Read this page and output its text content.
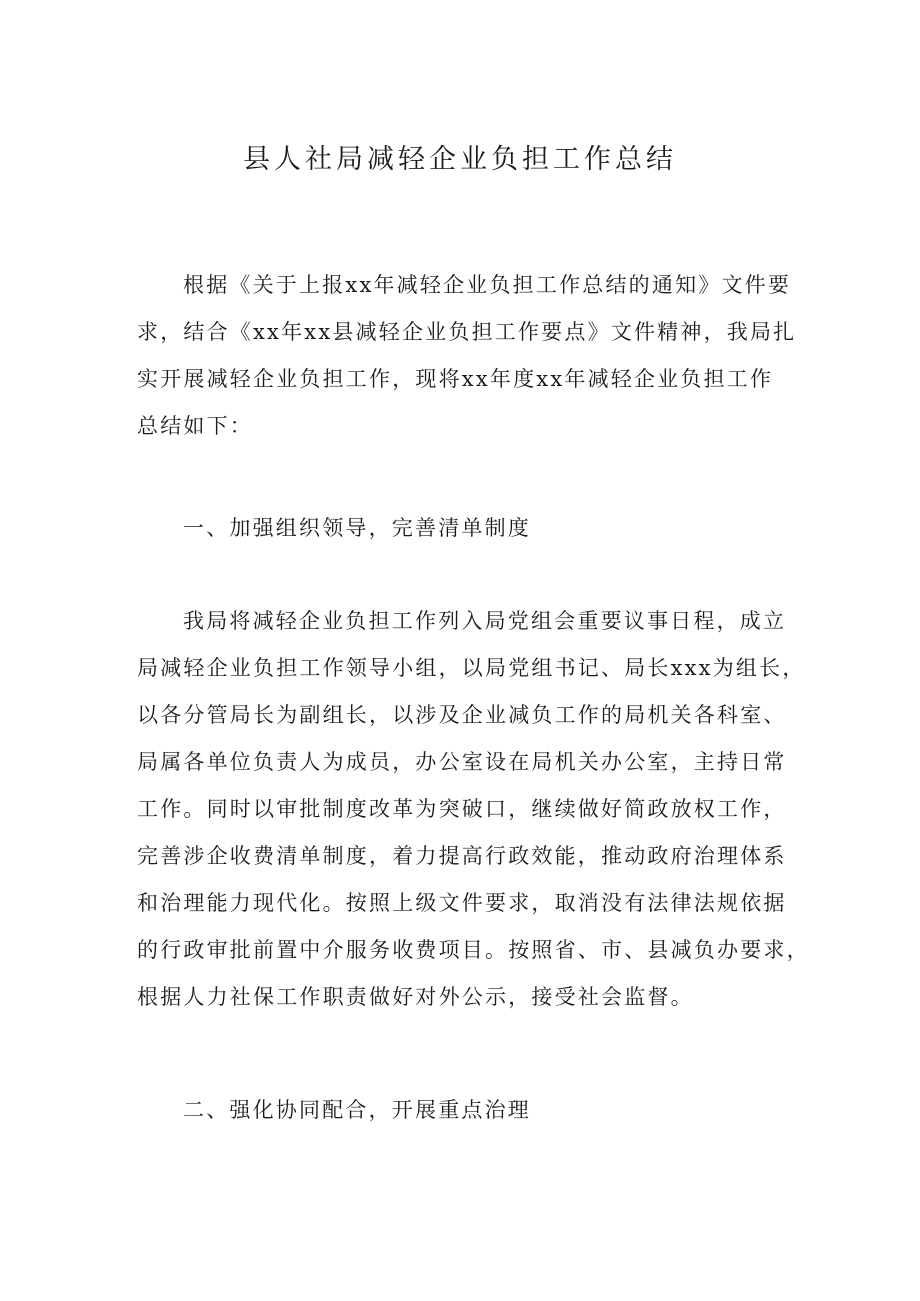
县人社局减轻企业负担工作总结
根据《关于上报xx年减轻企业负担工作总结的通知》文件要
求，结合《xx年xx县减轻企业负担工作要点》文件精神，我局扎
实开展减轻企业负担工作，现将xx年度xx年减轻企业负担工作
总结如下：

一、加强组织领导，完善清单制度

我局将减轻企业负担工作列入局党组会重要议事日程，成立
局减轻企业负担工作领导小组，以局党组书记、局长xxx为组长，
以各分管局长为副组长，以涉及企业减负工作的局机关各科室、
局属各单位负责人为成员，办公室设在局机关办公室，主持日常
工作。同时以审批制度改革为突破口，继续做好简政放权工作，
完善涉企收费清单制度，着力提高行政效能，推动政府治理体系
和治理能力现代化。按照上级文件要求，取消没有法律法规依据
的行政审批前置中介服务收费项目。按照省、市、县减负办要求，
根据人力社保工作职责做好对外公示，接受社会监督。

二、强化协同配合，开展重点治理
